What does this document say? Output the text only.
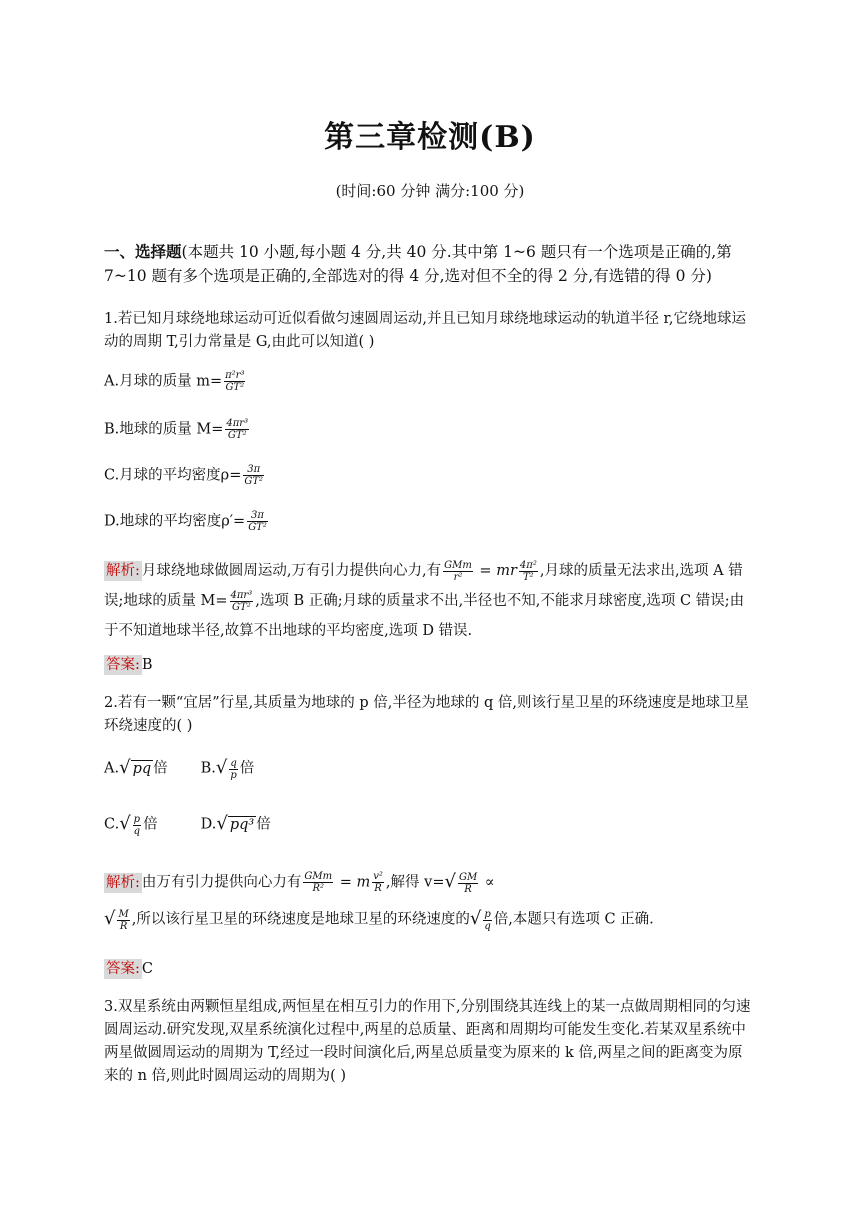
第三章检测(B)
(时间:60 分钟 满分:100 分)
一、选择题(本题共 10 小题,每小题 4 分,共 40 分.其中第 1~6 题只有一个选项是正确的,第 7~10 题有多个选项是正确的,全部选对的得 4 分,选对但不全的得 2 分,有选错的得 0 分)
1.若已知月球绕地球运动可近似看做匀速圆周运动,并且已知月球绕地球运动的轨道半径 r,它绕地球运动的周期 T,引力常量是 G,由此可以知道( )
A.月球的质量 $m= \frac{\text{π²r³}}{\text{GT²}}$
B.地球的质量 $M= \frac{\text{4πr³}}{\text{GT²}}$
C.月球的平均密度$\rho= \frac{3\pi}{\text{GT²}}$
D.地球的平均密度$\rho'= \frac{3\pi}{\text{GT²}}$
解析: 月球绕地球做圆周运动,万有引力提供向心力,有 $\frac{\text{GMm}}{\text{r²}}$ = mr $\frac{\text{4π²}}{\text{T²}}$ ,月球的质量无法求出,选项 A 错误;地球的质量 $M= \frac{\text{4πr³}}{\text{GT²}}$ ,选项 B 正确;月球的质量求不出,半径也不知,不能求月球密度,选项 C 错误;由于不知道地球半径,故算不出地球的平均密度,选项 D 错误.
答案: B
2.若有一颗“宜居”行星,其质量为地球的 p 倍,半径为地球的 q 倍,则该行星卫星的环绕速度是地球卫星环绕速度的( )
A.√ pq 倍 $B.√ \frac{q}{p}$ 倍
$C.√ \frac{p}{q}$ 倍	D.√ pq³ 倍
解析: 由万有引力提供向心力有 $\frac{\text{GMm}}{\text{R²}} = m \frac{\text{v²}}{R}$ ,解得 $v=√ \frac{GM}{R}$ ∝
√ $\frac{M}{R}$ ,所以该行星卫星的环绕速度是地球卫星的环绕速度的√ $\frac{p}{q}$ 倍,本题只有选项 C 正确.
答案: C
3.双星系统由两颗恒星组成,两恒星在相互引力的作用下,分别围绕其连线上的某一点做周期相同的匀速圆周运动.研究发现,双星系统演化过程中,两星的总质量、距离和周期均可能发生变化.若某双星系统中两星做圆周运动的周期为 T,经过一段时间演化后,两星总质量变为原来的 k 倍,两星之间的距离变为原来的 n 倍,则此时圆周运动的周期为( )
